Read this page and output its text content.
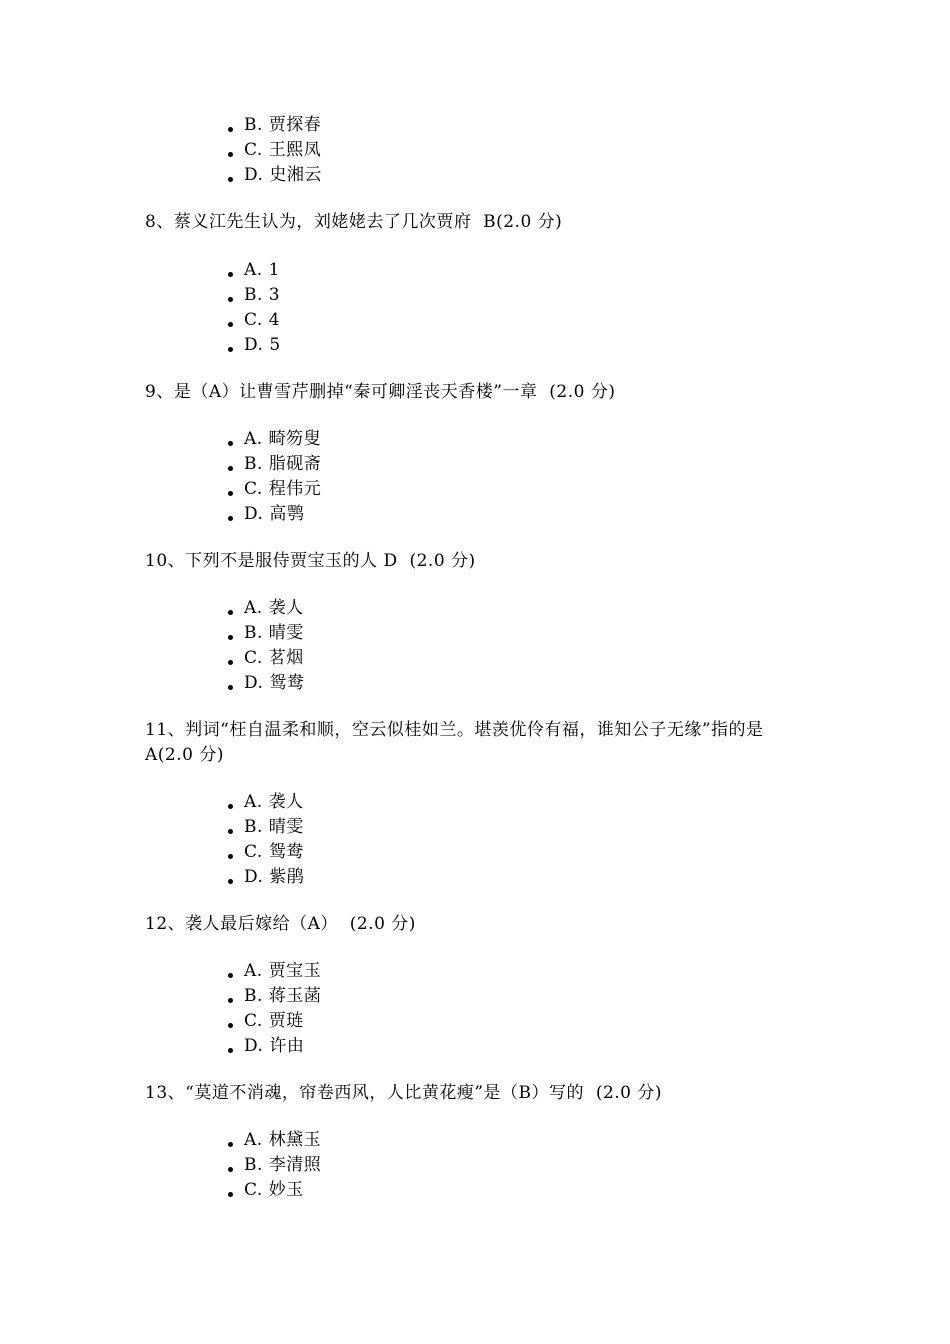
B. 贾探春
C. 王熙凤
D. 史湘云
8、蔡义江先生认为，刘姥姥去了几次贾府  B(2.0 分)
A. 1
B. 3
C. 4
D. 5
9、是（A）让曹雪芹删掉“秦可卿淫丧天香楼”一章  (2.0 分)
A. 畸笏叟
B. 脂砚斋
C. 程伟元
D. 高鹗
10、下列不是服侍贾宝玉的人 D  (2.0 分)
A. 袭人
B. 晴雯
C. 茗烟
D. 鸳鸯
11、判词“枉自温柔和顺，空云似桂如兰。堪羡优伶有福，谁知公子无缘”指的是  A(2.0 分)
A. 袭人
B. 晴雯
C. 鸳鸯
D. 紫鹃
12、袭人最后嫁给（A）  (2.0 分)
A. 贾宝玉
B. 蒋玉菡
C. 贾琏
D. 许由
13、“莫道不消魂，帘卷西风，人比黄花瘦”是（B）写的  (2.0 分)
A. 林黛玉
B. 李清照
C. 妙玉
